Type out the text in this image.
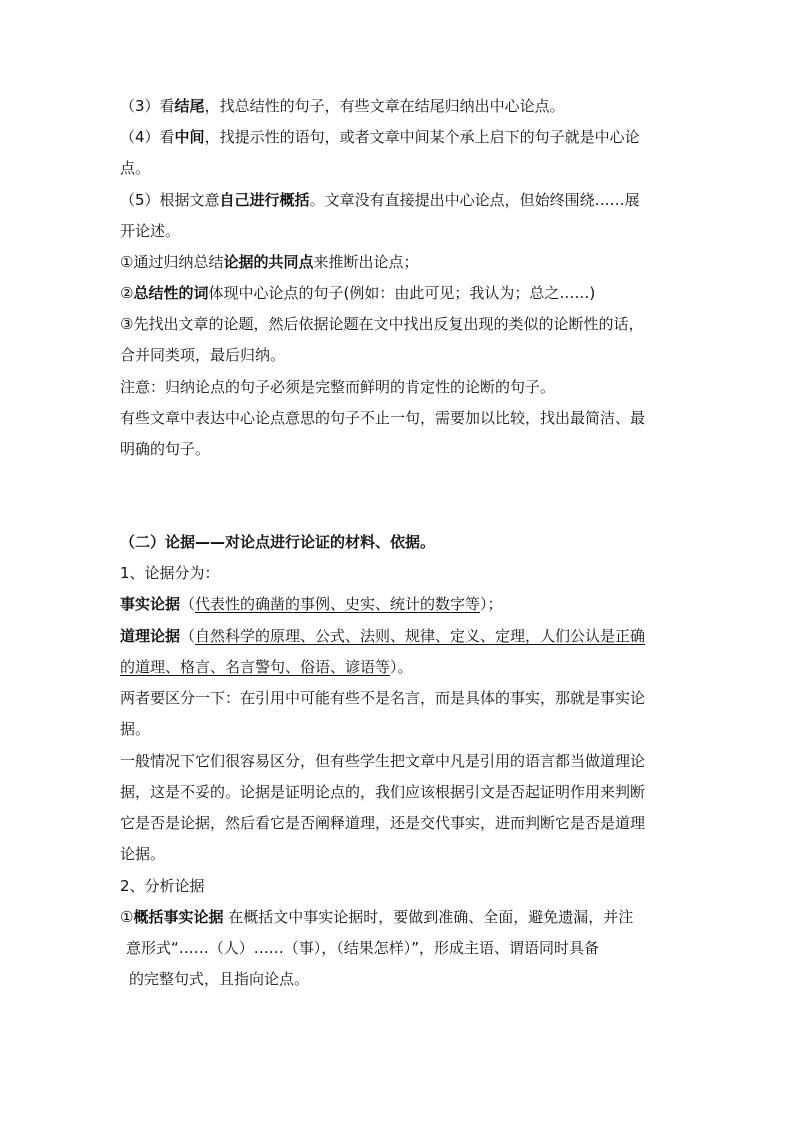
（3）看结尾，找总结性的句子，有些文章在结尾归纳出中心论点。
（4）看中间，找提示性的语句，或者文章中间某个承上启下的句子就是中心论
点。
（5）根据文意自己进行概括。文章没有直接提出中心论点，但始终围绕……展
开论述。
①通过归纳总结论据的共同点来推断出论点；
②总结性的词体现中心论点的句子(例如：由此可见；我认为；总之……)
③先找出文章的论题，然后依据论题在文中找出反复出现的类似的论断性的话，
合并同类项，最后归纳。
注意：归纳论点的句子必须是完整而鲜明的肯定性的论断的句子。
有些文章中表达中心论点意思的句子不止一句，需要加以比较，找出最简洁、最
明确的句子。
（二）论据——对论点进行论证的材料、依据。
1、论据分为：
事实论据（代表性的确凿的事例、史实、统计的数字等）；
道理论据（自然科学的原理、公式、法则、规律、定义、定理，人们公认是正确
的道理、格言、名言警句、俗语、谚语等）。
两者要区分一下：在引用中可能有些不是名言，而是具体的事实，那就是事实论
据。
一般情况下它们很容易区分，但有些学生把文章中凡是引用的语言都当做道理论
据，这是不妥的。论据是证明论点的，我们应该根据引文是否起证明作用来判断
它是否是论据，然后看它是否阐释道理，还是交代事实，进而判断它是否是道理
论据。
2、分析论据
①概括事实论据 在概括文中事实论据时，要做到准确、全面，避免遗漏，并注
意形式“……（人）……（事），（结果怎样）”，形成主语、谓语同时具备
的完整句式，且指向论点。
